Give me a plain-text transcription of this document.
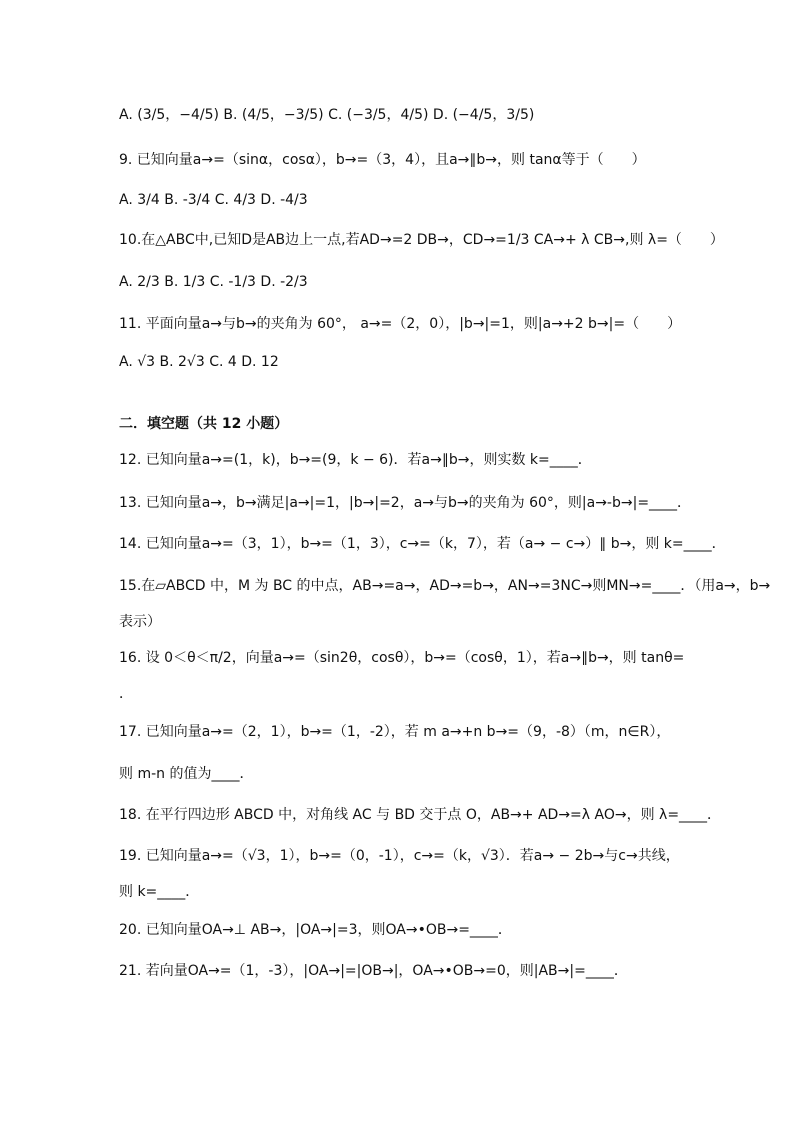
A. (3/5，−4/5) B. (4/5，−3/5) C. (−3/5，4/5) D. (−4/5，3/5)
9. 已知向量a→=（sinα，cosα），b→=（3，4），且a→∥b→，则 tanα等于（　　）
A. 3/4 B. -3/4 C. 4/3 D. -4/3
10.在△ABC中,已知D是AB边上一点,若AD→=2 DB→，CD→=1/3 CA→+ λ CB→,则 λ=（　　）
A. 2/3 B. 1/3 C. -1/3 D. -2/3
11. 平面向量a→与b→的夹角为 60°， a→=（2，0），|b→|=1，则|a→+2 b→|=（　　）
A. √3 B. 2√3 C. 4 D. 12
二．填空题（共 12 小题）
12. 已知向量a→=(1，k)，b→=(9，k − 6)．若a→∥b→，则实数 k=____．
13. 已知向量a→，b→满足|a→|=1，|b→|=2，a→与b→的夹角为 60°，则|a→-b→|=____．
14. 已知向量a→=（3，1），b→=（1，3），c→=（k，7），若（a→ − c→）∥ b→，则 k=____．
15.在▱ABCD 中，M 为 BC 的中点，AB→=a→，AD→=b→，AN→=3NC→则MN→=____．（用a→，b→
表示）
16. 设 0＜θ＜π/2，向量a→=（sin2θ，cosθ），b→=（cosθ，1），若a→∥b→，则 tanθ=
．
17. 已知向量a→=（2，1），b→=（1，-2），若 m a→+n b→=（9，-8）（m，n∈R），
则 m-n 的值为____．
18. 在平行四边形 ABCD 中，对角线 AC 与 BD 交于点 O，AB→+ AD→=λ AO→，则 λ=____．
19. 已知向量a→=（√3，1），b→=（0，-1），c→=（k，√3）．若a→ − 2b→与c→共线，
则 k=____．
20. 已知向量OA→⊥ AB→，|OA→|=3，则OA→•OB→=____．
21. 若向量OA→=（1，-3），|OA→|=|OB→|，OA→•OB→=0，则|AB→|=____．
